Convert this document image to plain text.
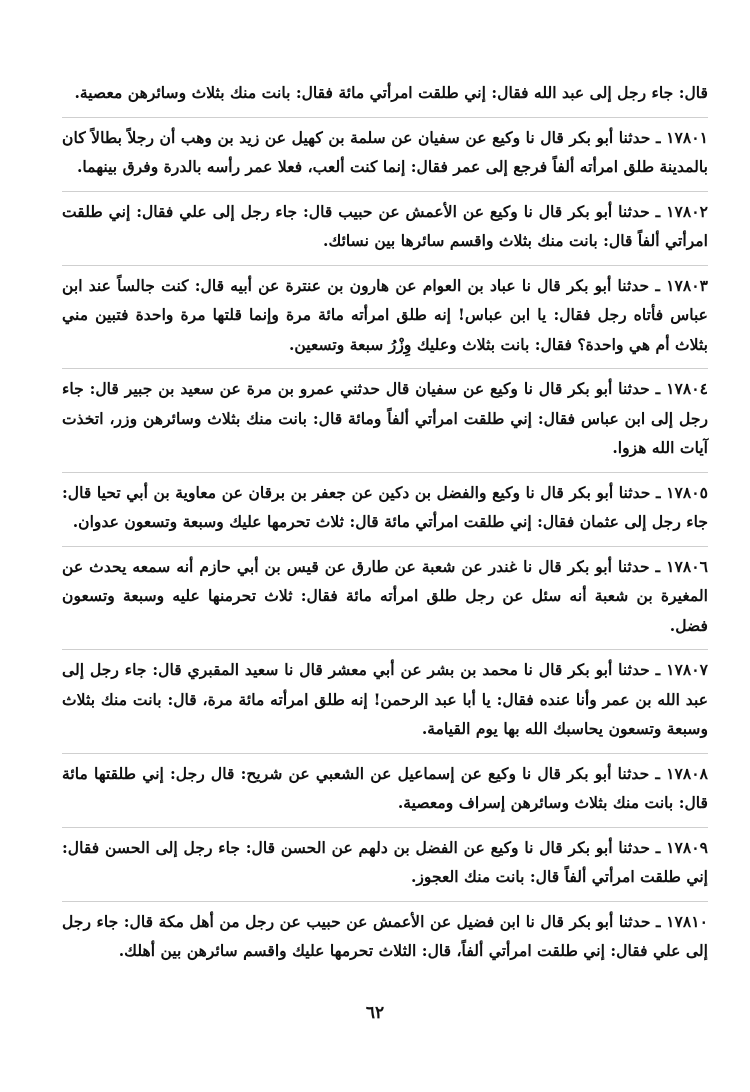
قال: جاء رجل إلى عبد الله فقال: إني طلقت امرأتي مائة فقال: بانت منك بثلاث وسائرهن معصية.

١٧٨٠١ ـ حدثنا أبو بكر قال نا وكيع عن سفيان عن سلمة بن كهيل عن زيد بن وهب أن رجلاً بطالاً كان بالمدينة طلق امرأته ألفاً فرجع إلى عمر فقال: إنما كنت ألعب، فعلا عمر رأسه بالدرة وفرق بينهما.

١٧٨٠٢ ـ حدثنا أبو بكر قال نا وكيع عن الأعمش عن حبيب قال: جاء رجل إلى علي فقال: إني طلقت امرأتي ألفاً قال: بانت منك بثلاث واقسم سائرها بين نسائك.

١٧٨٠٣ ـ حدثنا أبو بكر قال نا عباد بن العوام عن هارون بن عنترة عن أبيه قال: كنت جالساً عند ابن عباس فأتاه رجل فقال: يا ابن عباس! إنه طلق امرأته مائة مرة وإنما قلتها مرة واحدة فتبين مني بثلاث أم هي واحدة؟ فقال: بانت بثلاث وعليك وِزْرُ سبعة وتسعين.

١٧٨٠٤ ـ حدثنا أبو بكر قال نا وكيع عن سفيان قال حدثني عمرو بن مرة عن سعيد بن جبير قال: جاء رجل إلى ابن عباس فقال: إني طلقت امرأتي ألفاً ومائة قال: بانت منك بثلاث وسائرهن وزر، اتخذت آيات الله هزوا.

١٧٨٠٥ ـ حدثنا أبو بكر قال نا وكيع والفضل بن دكين عن جعفر بن برقان عن معاوية بن أبي تحيا قال: جاء رجل إلى عثمان فقال: إني طلقت امرأتي مائة قال: ثلاث تحرمها عليك وسبعة وتسعون عدوان.

١٧٨٠٦ ـ حدثنا أبو بكر قال نا غندر عن شعبة عن طارق عن قيس بن أبي حازم أنه سمعه يحدث عن المغيرة بن شعبة أنه سئل عن رجل طلق امرأته مائة فقال: ثلاث تحرمنها عليه وسبعة وتسعون فضل.

١٧٨٠٧ ـ حدثنا أبو بكر قال نا محمد بن بشر عن أبي معشر قال نا سعيد المقبري قال: جاء رجل إلى عبد الله بن عمر وأنا عنده فقال: يا أبا عبد الرحمن! إنه طلق امرأته مائة مرة، قال: بانت منك بثلاث وسبعة وتسعون يحاسبك الله بها يوم القيامة.

١٧٨٠٨ ـ حدثنا أبو بكر قال نا وكيع عن إسماعيل عن الشعبي عن شريح: قال رجل: إني طلقتها مائة قال: بانت منك بثلاث وسائرهن إسراف ومعصية.

١٧٨٠٩ ـ حدثنا أبو بكر قال نا وكيع عن الفضل بن دلهم عن الحسن قال: جاء رجل إلى الحسن فقال: إني طلقت امرأتي ألفاً قال: بانت منك العجوز.

١٧٨١٠ ـ حدثنا أبو بكر قال نا ابن فضيل عن الأعمش عن حبيب عن رجل من أهل مكة قال: جاء رجل إلى علي فقال: إني طلقت امرأتي ألفاً، قال: الثلاث تحرمها عليك واقسم سائرهن بين أهلك.

٦٢
